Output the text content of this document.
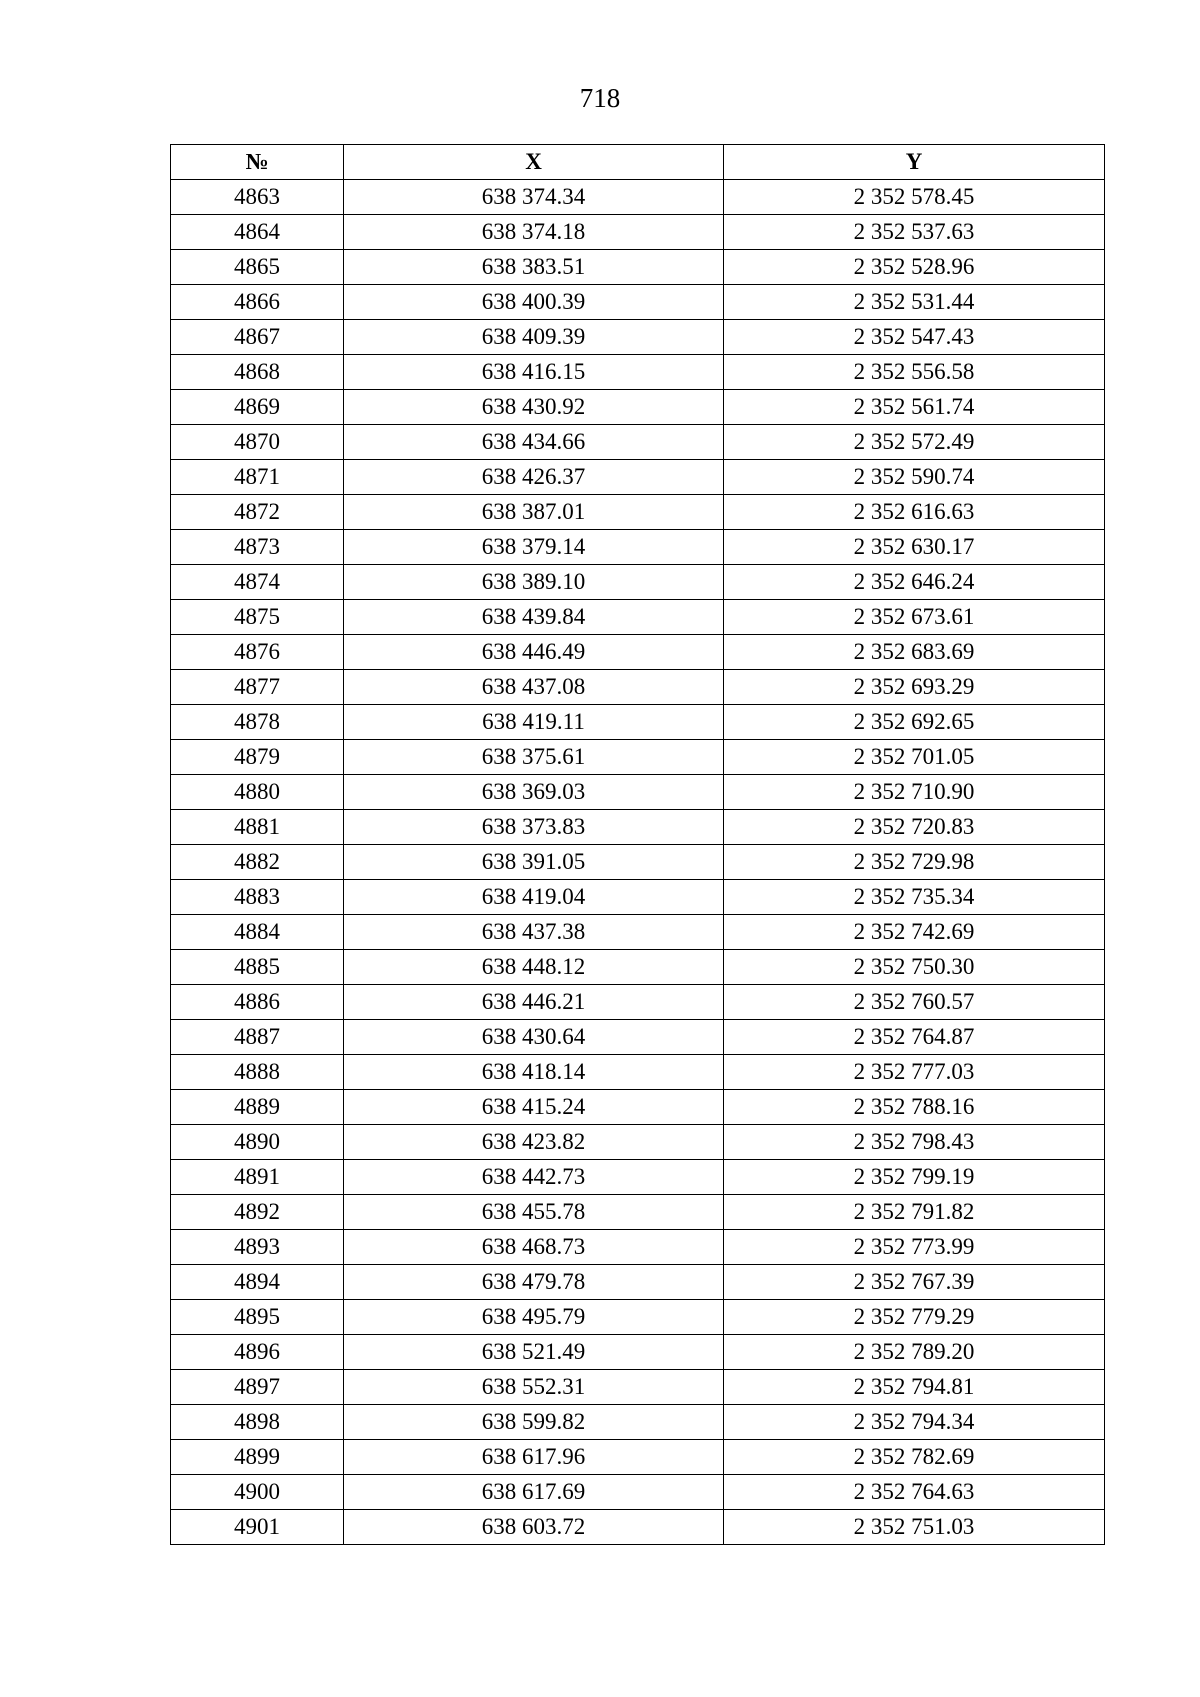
718
№	X	Y
4863	638 374.34	2 352 578.45
4864	638 374.18	2 352 537.63
4865	638 383.51	2 352 528.96
4866	638 400.39	2 352 531.44
4867	638 409.39	2 352 547.43
4868	638 416.15	2 352 556.58
4869	638 430.92	2 352 561.74
4870	638 434.66	2 352 572.49
4871	638 426.37	2 352 590.74
4872	638 387.01	2 352 616.63
4873	638 379.14	2 352 630.17
4874	638 389.10	2 352 646.24
4875	638 439.84	2 352 673.61
4876	638 446.49	2 352 683.69
4877	638 437.08	2 352 693.29
4878	638 419.11	2 352 692.65
4879	638 375.61	2 352 701.05
4880	638 369.03	2 352 710.90
4881	638 373.83	2 352 720.83
4882	638 391.05	2 352 729.98
4883	638 419.04	2 352 735.34
4884	638 437.38	2 352 742.69
4885	638 448.12	2 352 750.30
4886	638 446.21	2 352 760.57
4887	638 430.64	2 352 764.87
4888	638 418.14	2 352 777.03
4889	638 415.24	2 352 788.16
4890	638 423.82	2 352 798.43
4891	638 442.73	2 352 799.19
4892	638 455.78	2 352 791.82
4893	638 468.73	2 352 773.99
4894	638 479.78	2 352 767.39
4895	638 495.79	2 352 779.29
4896	638 521.49	2 352 789.20
4897	638 552.31	2 352 794.81
4898	638 599.82	2 352 794.34
4899	638 617.96	2 352 782.69
4900	638 617.69	2 352 764.63
4901	638 603.72	2 352 751.03
